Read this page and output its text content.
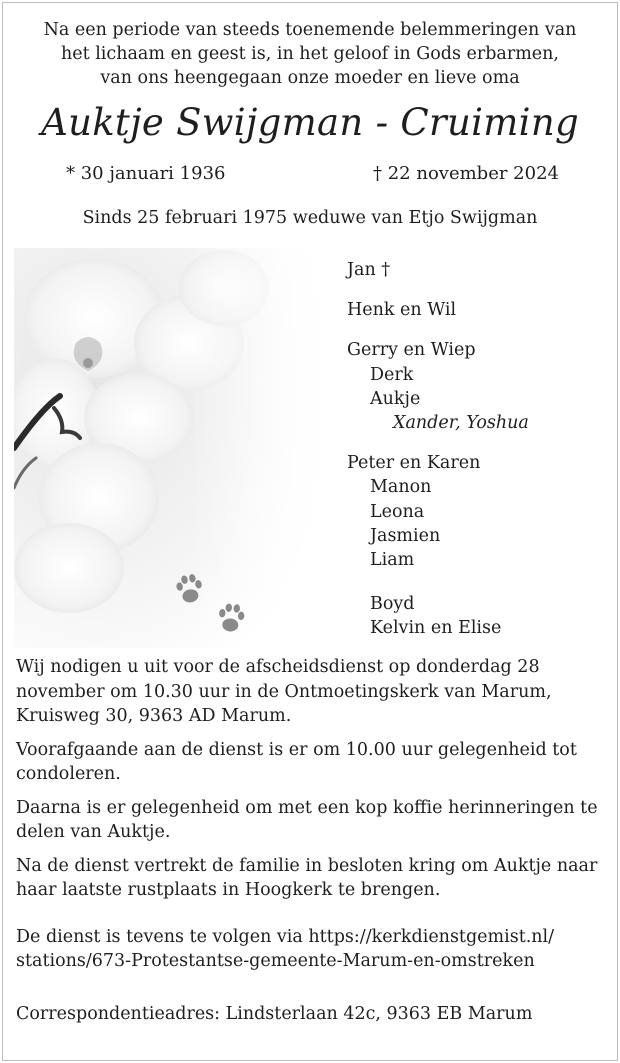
Na een periode van steeds toenemende belemmeringen van
het lichaam en geest is, in het geloof in Gods erbarmen,
van ons heengegaan onze moeder en lieve oma
Auktje Swijgman - Cruiming
* 30 januari 1936	† 22 november 2024
Sinds 25 februari 1975 weduwe van Etjo Swijgman
Jan †
Henk en Wil
Gerry en Wiep
Derk
Aukje
Xander, Yoshua
Peter en Karen
Manon
Leona
Jasmien
Liam
Boyd
Kelvin en Elise

Wij nodigen u uit voor de afscheidsdienst op donderdag 28 november om 10.30 uur in de Ontmoetingskerk van Marum, Kruisweg 30, 9363 AD Marum.

Voorafgaande aan de dienst is er om 10.00 uur gelegenheid tot condoleren.

Daarna is er gelegenheid om met een kop koffie herinneringen te delen van Auktje.

Na de dienst vertrekt de familie in besloten kring om Auktje naar haar laatste rustplaats in Hoogkerk te brengen.

De dienst is tevens te volgen via https://kerkdienstgemist.nl/
stations/673-Protestantse-gemeente-Marum-en-omstreken

Correspondentieadres: Lindsterlaan 42c, 9363 EB Marum
